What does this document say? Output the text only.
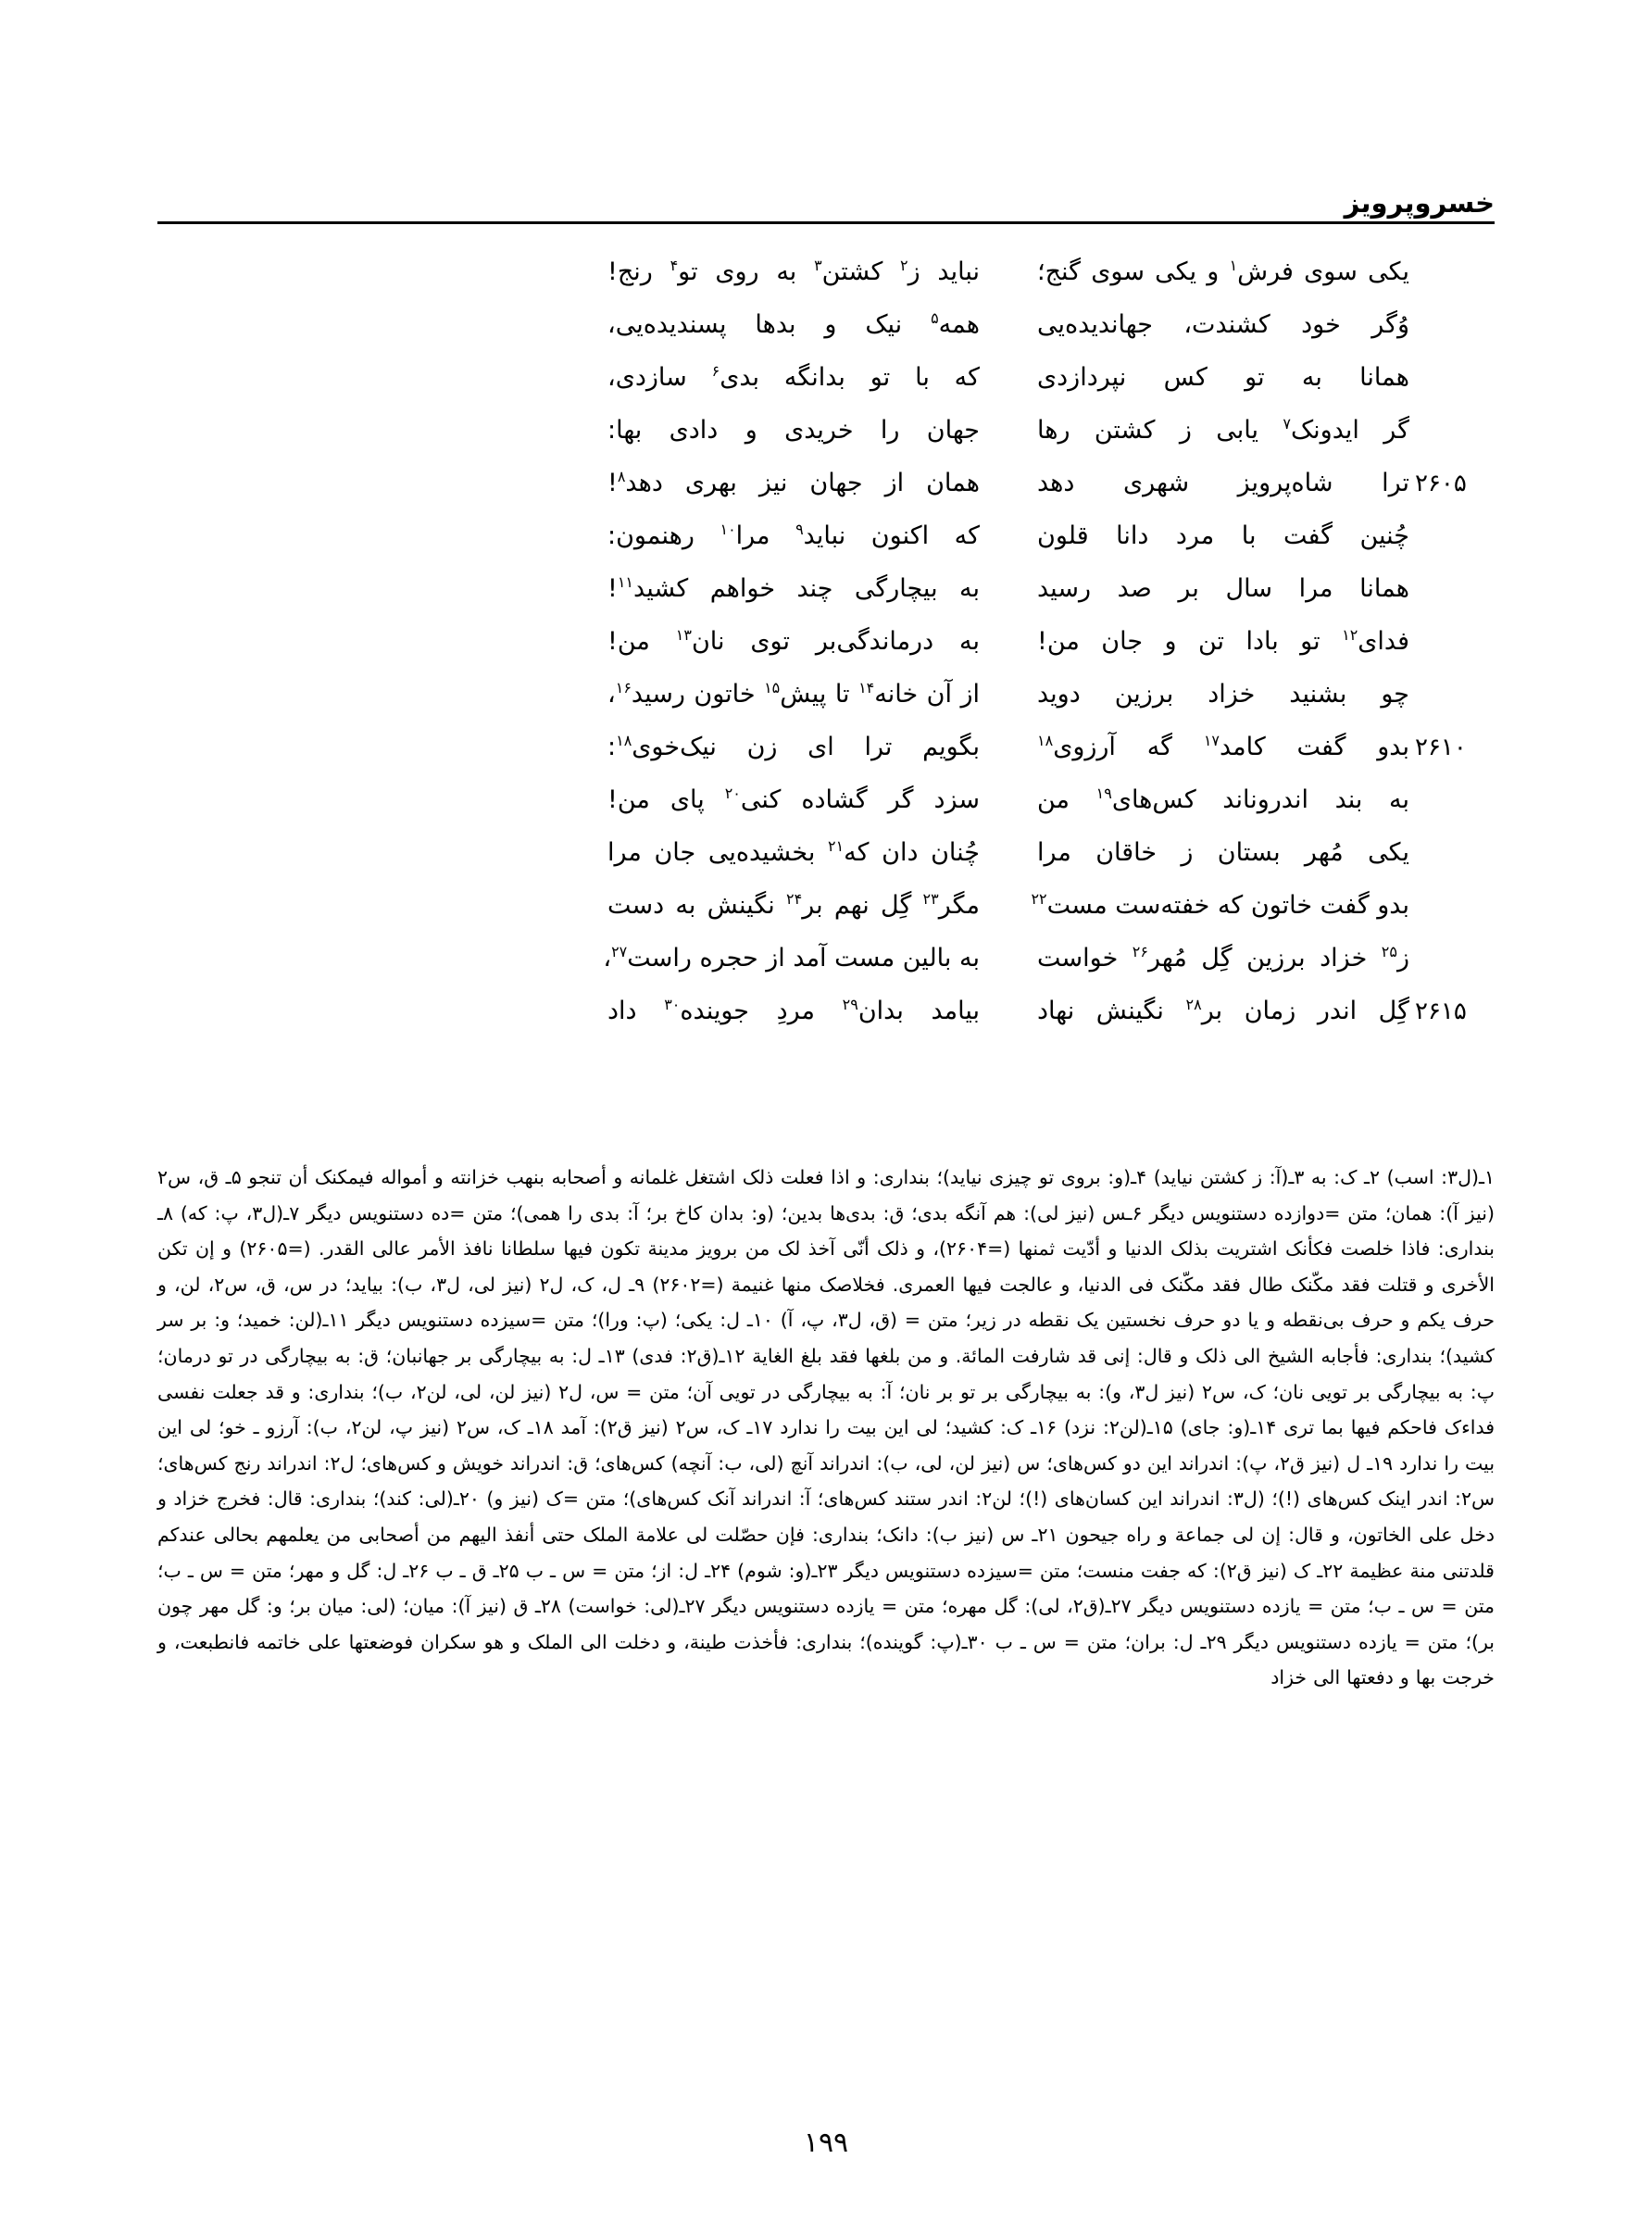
خسروپرویز
یکی سوی فرش$^١$ و یکی سوی گنج؛
نباید ز$^٢$ کشتن$^٣$ به روی تو$^۴$ رنج!
وُگر خود کشندت، جهاندیده‌یی
همه$^۵$ نیک و بدها پسندیده‌یی،
همانا به تو کس نپردازدی
که با تو بدانگه بدی$^۶$ سازدی،
گر ایدونک$^٧$ یابی ز کشتن رها
جهان را خریدی و دادی بها:
۲۶۰۵
ترا شاه‌پرویز شهری دهد
همان از جهان نیز بهری دهد$^٨$!
چُنین گفت با مرد دانا قلون
که اکنون نباید$^٩$ مرا$^{١٠}$ رهنمون:
همانا مرا سال بر صد رسید
به بیچارگی چند خواهم کشید$^{١١}$!
فدای$^{١٢}$ تو بادا تن و جان من!
به درماندگی‌بر توی نان$^{١٣}$ من!
چو بشنید خزاد برزین دوید
از آن خانه$^{١۴}$ تا پیش$^{١۵}$ خاتون رسید$^{١۶}$،
۲۶۱۰
بدو گفت کامد$^{١٧}$ گه آرزوی$^{١٨}$
بگویم ترا ای زن نیک‌خوی$^{١٨}$:
به بند اندروناند کس‌های$^{١٩}$ من
سزد گر گشاده کنی$^{٢٠}$ پای من!
یکی مُهر بستان ز خاقان مرا
چُنان دان که$^{٢١}$ بخشیده‌یی جان مرا
بدو گفت خاتون که خفته‌ست مست$^{٢٢}$
مگر$^{٢٣}$ گِل نهم بر$^{٢۴}$ نگینش به دست
ز$^{٢۵}$ خزاد برزین گِل مُهر$^{٢۶}$ خواست
به بالین مست آمد از حجره راست$^{٢٧}$،
۲۶۱۵
گِل اندر زمان بر$^{٢٨}$ نگینش نهاد
بیامد بدان$^{٢٩}$ مردِ جوینده$^{٣٠}$ داد

١ـ(ل٣: اسب) ٢ـ ک: به ٣ـ(آ: ز کشتن نیاید) ۴ـ(و: بروی تو چیزی نیاید)؛ بنداری: و اذا فعلت ذلک اشتغل غلمانه و أصحابه بنهب خزانته و أمواله فیمکنک أن تنجو ۵ـ ق، س٢ (نیز آ): همان؛ متن =دوازده دستنویس دیگر ۶ـس (نیز لی): هم آنگه بدی؛ ق: بدی‌ها بدین؛ (و: بدان کاخ بر؛ آ: بدی را همی)؛ متن =ده دستنویس دیگر ٧ـ(ل٣، پ: که) ٨ـ بنداری: فاذا خلصت فکأنک اشتریت بذلک الدنیا و أدّیت ثمنها (=۲۶۰۴)، و ذلک أنّی آخذ لک من برویز مدینة تکون فیها سلطانا نافذ الأمر عالی القدر. (=۲۶۰۵) و إن تکن الأخری و قتلت فقد مکّنک طال فقد مکّنک فی الدنیا، و عالجت فیها العمری. فخلاصک منها غنیمة (=۲۶۰۲) ٩ـ ل، ک، ل٢ (نیز لی، ل٣، ب): بیاید؛ در س، ق، س٢، لن، و حرف یکم و حرف بی‌نقطه و یا دو حرف نخستین یک نقطه در زیر؛ متن = (ق، ل٣، پ، آ) ١٠ـ ل: یکی؛ (پ: ورا)؛ متن =سیزده دستنویس دیگر ١١ـ(لن: خمید؛ و: بر سر کشید)؛ بنداری: فأجابه الشیخ الی ذلک و قال: إنی قد شارفت المائة. و من بلغها فقد بلغ الغایة ١٢ـ(ق٢: فدی) ١٣ـ ل: به بیچارگی بر جهانبان؛ ق: به بیچارگی در تو درمان؛ پ: به بیچارگی بر تویی نان؛ ک، س٢ (نیز ل٣، و): به بیچارگی بر تو بر نان؛ آ: به بیچارگی در تویی آن؛ متن = س، ل٢ (نیز لن، لی، لن٢، ب)؛ بنداری: و قد جعلت نفسی فداءک فاحکم فیها بما تری ١۴ـ(و: جای) ١۵ـ(لن٢: نزد) ١۶ـ ک: کشید؛ لی این بیت را ندارد ١٧ـ ک، س٢ (نیز ق٢): آمد ١٨ـ ک، س٢ (نیز پ، لن٢، ب): آرزو ـ خو؛ لی این بیت را ندارد ١٩ـ ل (نیز ق٢، پ): اندراند این دو کس‌های؛ س (نیز لن، لی، ب): اندراند آنچ (لی، ب: آنچه) کس‌های؛ ق: اندراند خویش و کس‌های؛ ل٢: اندراند رنج کس‌های؛ س٢: اندر اینک کس‌های (!)؛ (ل٣: اندراند این کسان‌های (!)؛ لن٢: اندر ستند کس‌های؛ آ: اندراند آنک کس‌های)؛ متن =ک (نیز و) ٢٠ـ(لی: کند)؛ بنداری: قال: فخرج خزاد و دخل علی الخاتون، و قال: إن لی جماعة و راه جیحون ٢١ـ س (نیز ب): دانک؛ بنداری: فإن حصّلت لی علامة الملک حتی أنفذ الیهم من أصحابی من یعلمهم بحالی عندکم قلدتنی منة عظیمة ٢٢ـ ک (نیز ق٢): که جفت منست؛ متن =سیزده دستنویس دیگر ٢٣ـ(و: شوم) ٢۴ـ ل: از؛ متن = س ـ ب ٢۵ـ ق ـ ب ٢۶ـ ل: گل و مهر؛ متن = س ـ ب؛ متن = س ـ ب؛ متن = یازده دستنویس دیگر ٢٧ـ(ق٢، لی): گل مهره؛ متن = یازده دستنویس دیگر ٢٧ـ(لی: خواست) ٢٨ـ ق (نیز آ): میان؛ (لی: میان بر؛ و: گل مهر چون بر)؛ متن = یازده دستنویس دیگر ٢٩ـ ل: بران؛ متن = س ـ ب ٣٠ـ(پ: گوینده)؛ بنداری: فأخذت طینة، و دخلت الی الملک و هو سکران فوضعتها علی خاتمه فانطبعت، و خرجت بها و دفعتها الی خزاد

۱۹۹
